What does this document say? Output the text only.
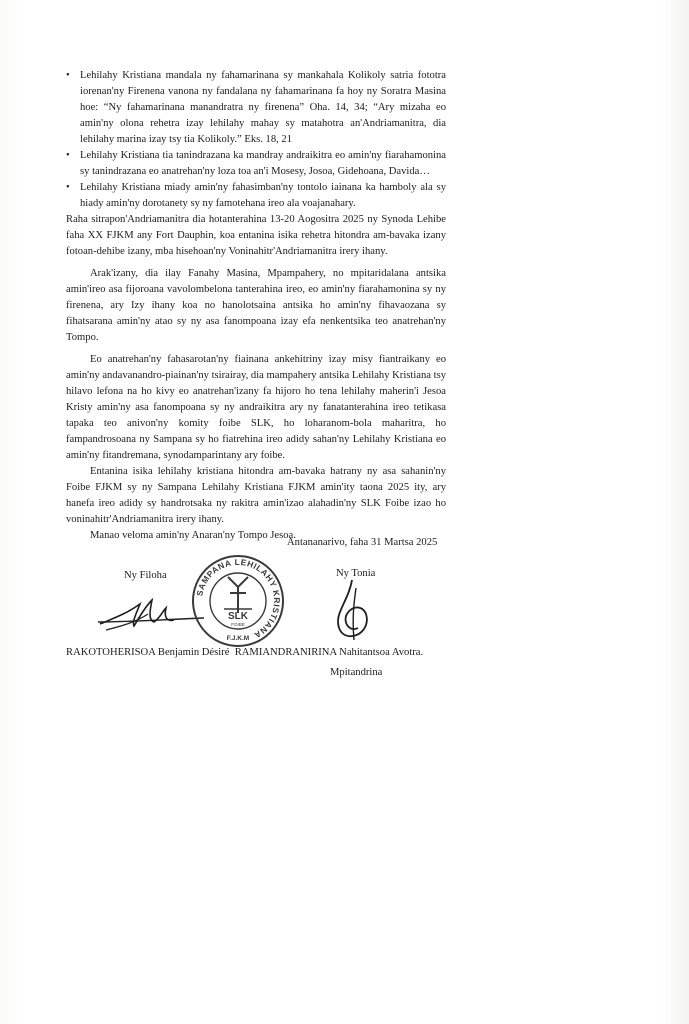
• Lehilahy Kristiana mandala ny fahamarinana sy mankahala Kolikoly satria fototra iorenan'ny Firenena vanona ny fandalana ny fahamarinana fa hoy ny Soratra Masina hoe: “Ny fahamarinana manandratra ny firenena” Oha. 14, 34; “Ary mizaha eo amin'ny olona rehetra izay lehilahy mahay sy matahotra an'Andriamanitra, dia lehilahy marina izay tsy tia Kolikoly.” Eks. 18, 21
• Lehilahy Kristiana tia tanindrazana ka mandray andraikitra eo amin'ny fiarahamonina sy tanindrazana eo anatrehan'ny loza toa an'i Mosesy, Josoa, Gidehoana, Davida…
• Lehilahy Kristiana miady amin'ny fahasimban'ny tontolo iainana ka hamboly ala sy hiady amin'ny dorotanety sy ny famotehana ireo ala voajanahary.

Raha sitrapon'Andriamanitra dia hotanterahina 13-20 Aogositra 2025 ny Synoda Lehibe faha XX FJKM any Fort Dauphin, koa entanina isika rehetra hitondra am-bavaka izany fotoan-dehibe izany, mba hisehoan'ny Voninahitr'Andriamanitra irery ihany.

Arak'izany, dia ilay Fanahy Masina, Mpampahery, no mpitaridalana antsika amin'ireo asa fijoroana vavolombelona tanterahina ireo, eo amin'ny fiarahamonina sy ny firenena, ary Izy ihany koa no hanolotsaina antsika ho amin'ny fihavaozana sy fihatsarana amin'ny atao sy ny asa fanompoana izay efa nenkentsika teo anatrehan'ny Tompo.

Eo anatrehan'ny fahasarotan'ny fiainana ankehitriny izay misy fiantraikany eo amin'ny andavanandro-piainan'ny tsirairay, dia mampahery antsika Lehilahy Kristiana tsy hilavo lefona na ho kivy eo anatrehan'izany fa hijoro ho tena lehilahy maherin'i Jesoa Kristy amin'ny asa fanompoana sy ny andraikitra ary ny fanatanterahina ireo tetikasa tapaka teo anivon'ny komity foibe SLK, ho loharanom-bola maharitra, ho fampandrosoana ny Sampana sy ho fiatrehina ireo adidy sahan'ny Lehilahy Kristiana eo amin'ny fitandremana, synodamparintany ary foibe.

Entanina isika lehilahy kristiana hitondra am-bavaka hatrany ny asa sahanin'ny Foibe FJKM sy ny Sampana Lehilahy Kristiana FJKM amin'ity taona 2025 ity, ary hanefa ireo adidy sy handrotsaka ny rakitra amin'izao alahadin'ny SLK Foibe izao ho voninahitr'Andriamanitra irery ihany.

Manao veloma amin'ny Anaran'ny Tompo Jesoa.

Antananarivo, faha 31 Martsa 2025
Ny Filoha	Ny Tonia
SAMPANA LEHILAHY KRISTIANA
SLK
FOIBE
F.J.K.M
RAKOTOHERISOA Benjamin Désiré RAMIANDRANIRINA Nahitantsoa Avotra.
Mpitandrina
